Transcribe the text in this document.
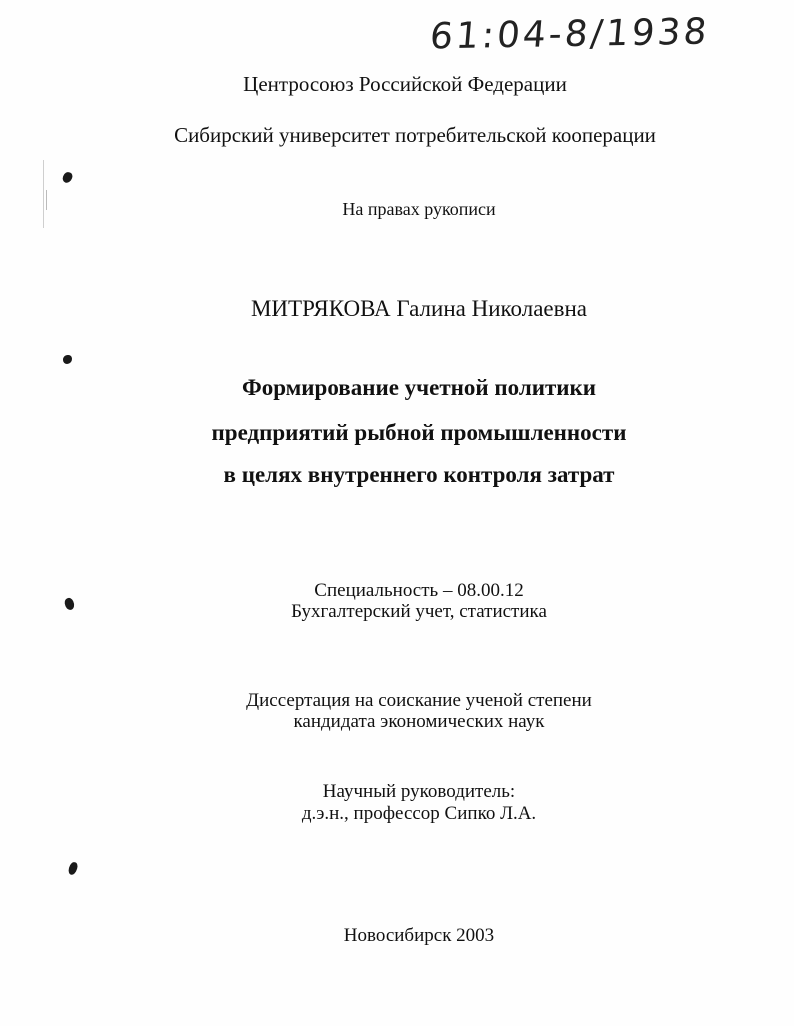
61:04-8/1938
Центросоюз Российской Федерации
Сибирский университет потребительской кооперации
На правах рукописи
МИТРЯКОВА Галина Николаевна
Формирование учетной политики
предприятий рыбной промышленности
в целях внутреннего контроля затрат
Специальность – 08.00.12
Бухгалтерский учет, статистика
Диссертация на соискание ученой степени
кандидата экономических наук
Научный руководитель:
д.э.н., профессор Сипко Л.А.
Новосибирск 2003
